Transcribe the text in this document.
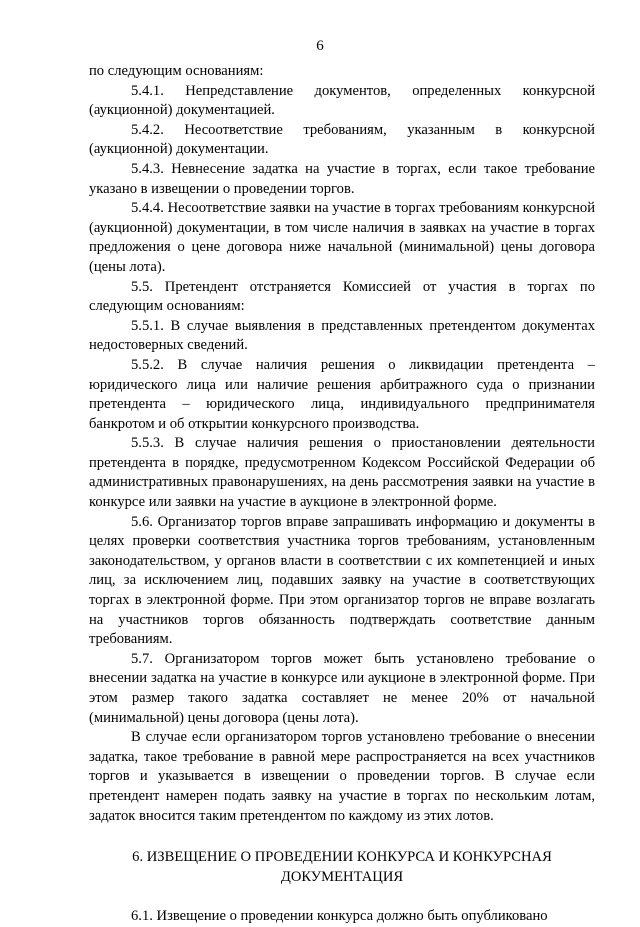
6

по следующим основаниям:

5.4.1. Непредставление документов, определенных конкурсной (аукционной) документацией.

5.4.2. Несоответствие требованиям, указанным в конкурсной (аукционной) документации.

5.4.3. Невнесение задатка на участие в торгах, если такое требование указано в извещении о проведении торгов.

5.4.4. Несоответствие заявки на участие в торгах требованиям конкурсной (аукционной) документации, в том числе наличия в заявках на участие в торгах предложения о цене договора ниже начальной (минимальной) цены договора (цены лота).

5.5. Претендент отстраняется Комиссией от участия в торгах по следующим основаниям:

5.5.1. В случае выявления в представленных претендентом документах недостоверных сведений.

5.5.2. В случае наличия решения о ликвидации претендента – юридического лица или наличие решения арбитражного суда о признании претендента – юридического лица, индивидуального предпринимателя банкротом и об открытии конкурсного производства.

5.5.3. В случае наличия решения о приостановлении деятельности претендента в порядке, предусмотренном Кодексом Российской Федерации об административных правонарушениях, на день рассмотрения заявки на участие в конкурсе или заявки на участие в аукционе в электронной форме.

5.6. Организатор торгов вправе запрашивать информацию и документы в целях проверки соответствия участника торгов требованиям, установленным законодательством, у органов власти в соответствии с их компетенцией и иных лиц, за исключением лиц, подавших заявку на участие в соответствующих торгах в электронной форме. При этом организатор торгов не вправе возлагать на участников торгов обязанность подтверждать соответствие данным требованиям.

5.7. Организатором торгов может быть установлено требование о внесении задатка на участие в конкурсе или аукционе в электронной форме. При этом размер такого задатка составляет не менее 20% от начальной (минимальной) цены договора (цены лота).

В случае если организатором торгов установлено требование о внесении задатка, такое требование в равной мере распространяется на всех участников торгов и указывается в извещении о проведении торгов. В случае если претендент намерен подать заявку на участие в торгах по нескольким лотам, задаток вносится таким претендентом по каждому из этих лотов.

6. ИЗВЕЩЕНИЕ О ПРОВЕДЕНИИ КОНКУРСА И КОНКУРСНАЯ
ДОКУМЕНТАЦИЯ

6.1. Извещение о проведении конкурса должно быть опубликовано
